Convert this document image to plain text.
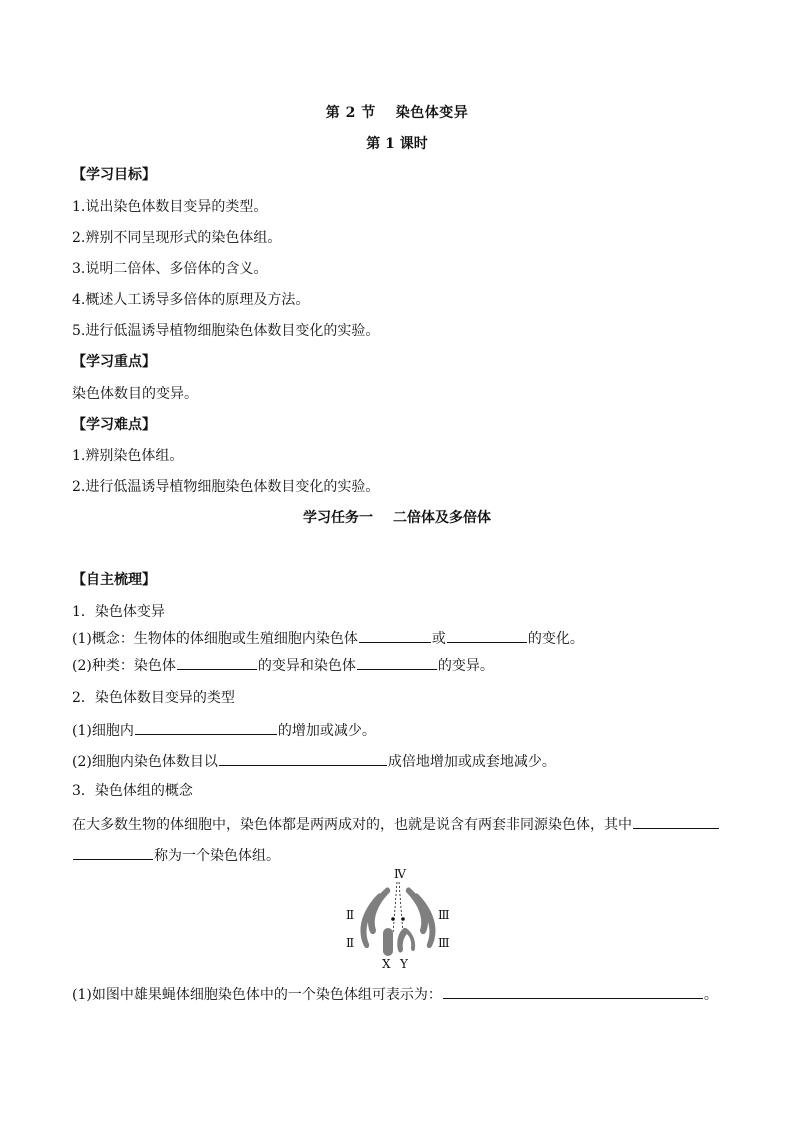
第 2 节 染色体变异
第 1 课时
【学习目标】
1.说出染色体数目变异的类型。
2.辨别不同呈现形式的染色体组。
3.说明二倍体、多倍体的含义。
4.概述人工诱导多倍体的原理及方法。
5.进行低温诱导植物细胞染色体数目变化的实验。
【学习重点】
染色体数目的变异。
【学习难点】
1.辨别染色体组。
2.进行低温诱导植物细胞染色体数目变化的实验。
学习任务一 二倍体及多倍体
【自主梳理】
1．染色体变异
(1)概念：生物体的体细胞或生殖细胞内染色体	或	的变化。
(2)种类：染色体	的变异和染色体	的变异。
2．染色体数目变异的类型
(1)细胞内	的增加或减少。
(2)细胞内染色体数目以	成倍地增加或成套地减少。
3．染色体组的概念
在大多数生物的体细胞中，染色体都是两两成对的，也就是说含有两套非同源染色体，其中
称为一个染色体组。
Ⅳ
Ⅱ
Ⅱ
Ⅲ
Ⅲ
X Y
(1)如图中雄果蝇体细胞染色体中的一个染色体组可表示为：	。
